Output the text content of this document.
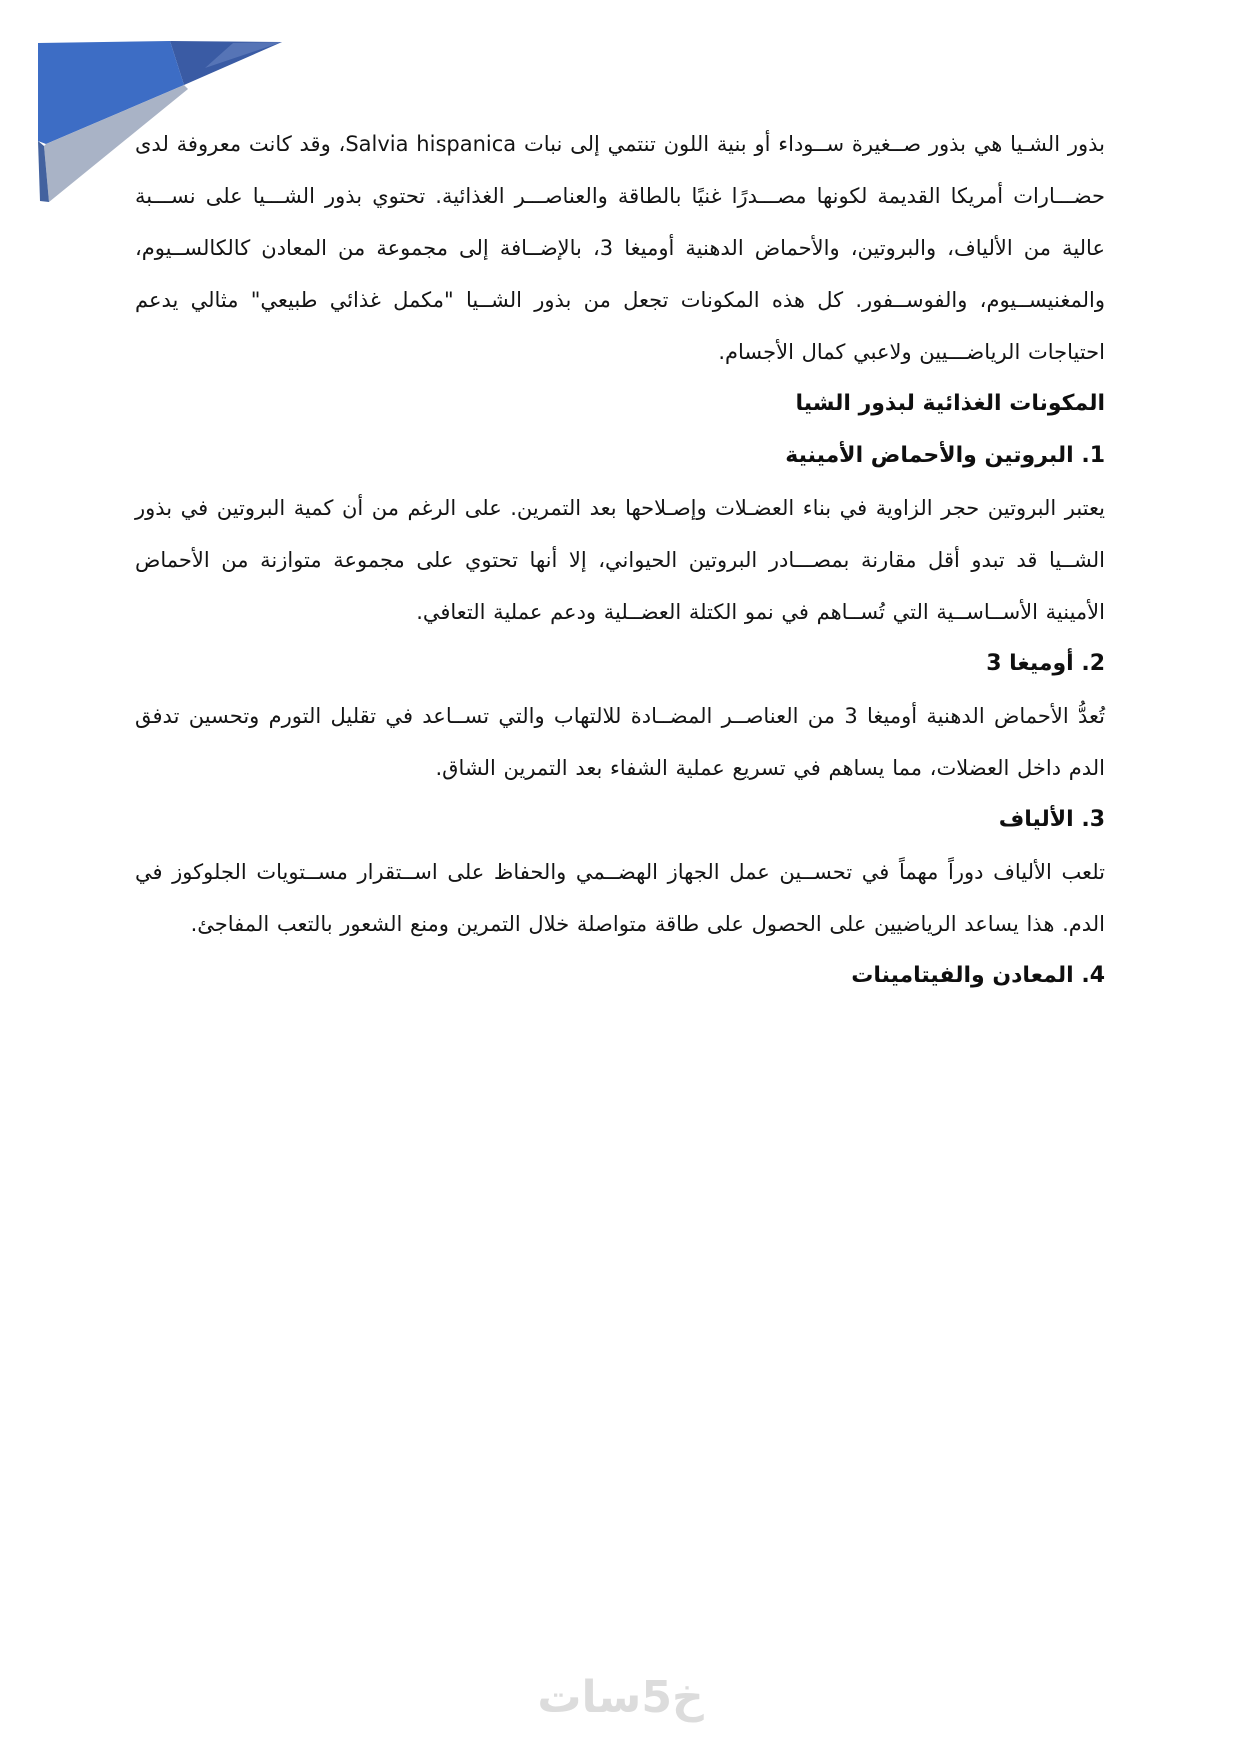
بذور الشـيا هي بذور صــغيرة ســوداء أو بنية اللون تنتمي إلى نبات Salvia hispanica، وقد كانت معروفة لدى حضـــارات أمريكا القديمة لكونها مصـــدرًا غنيًا بالطاقة والعناصـــر الغذائية. تحتوي بذور الشـــيا على نســـبة عالية من الألياف، والبروتين، والأحماض الدهنية أوميغا 3، بالإضــافة إلى مجموعة من المعادن كالكالســيوم، والمغنيســيوم، والفوســفور. كل هذه المكونات تجعل من بذور الشــيا "مكمل غذائي طبيعي" مثالي يدعم احتياجات الرياضـــيين ولاعبي كمال الأجسام.

المكونات الغذائية لبذور الشيا
1. البروتين والأحماض الأمينية

يعتبر البروتين حجر الزاوية في بناء العضـلات وإصـلاحها بعد التمرين. على الرغم من أن كمية البروتين في بذور الشــيا قد تبدو أقل مقارنة بمصـــادر البروتين الحيواني، إلا أنها تحتوي على مجموعة متوازنة من الأحماض الأمينية الأســاســية التي تُســاهم في نمو الكتلة العضــلية ودعم عملية التعافي.

2. أوميغا 3

تُعدُّ الأحماض الدهنية أوميغا 3 من العناصــر المضــادة للالتهاب والتي تســاعد في تقليل التورم وتحسين تدفق الدم داخل العضلات، مما يساهم في تسريع عملية الشفاء بعد التمرين الشاق.

3. الألياف

تلعب الألياف دوراً مهماً في تحســين عمل الجهاز الهضــمي والحفاظ على اســتقرار مســتويات الجلوكوز في الدم. هذا يساعد الرياضيين على الحصول على طاقة متواصلة خلال التمرين ومنع الشعور بالتعب المفاجئ.

4. المعادن والفيتامينات
خ5سات
